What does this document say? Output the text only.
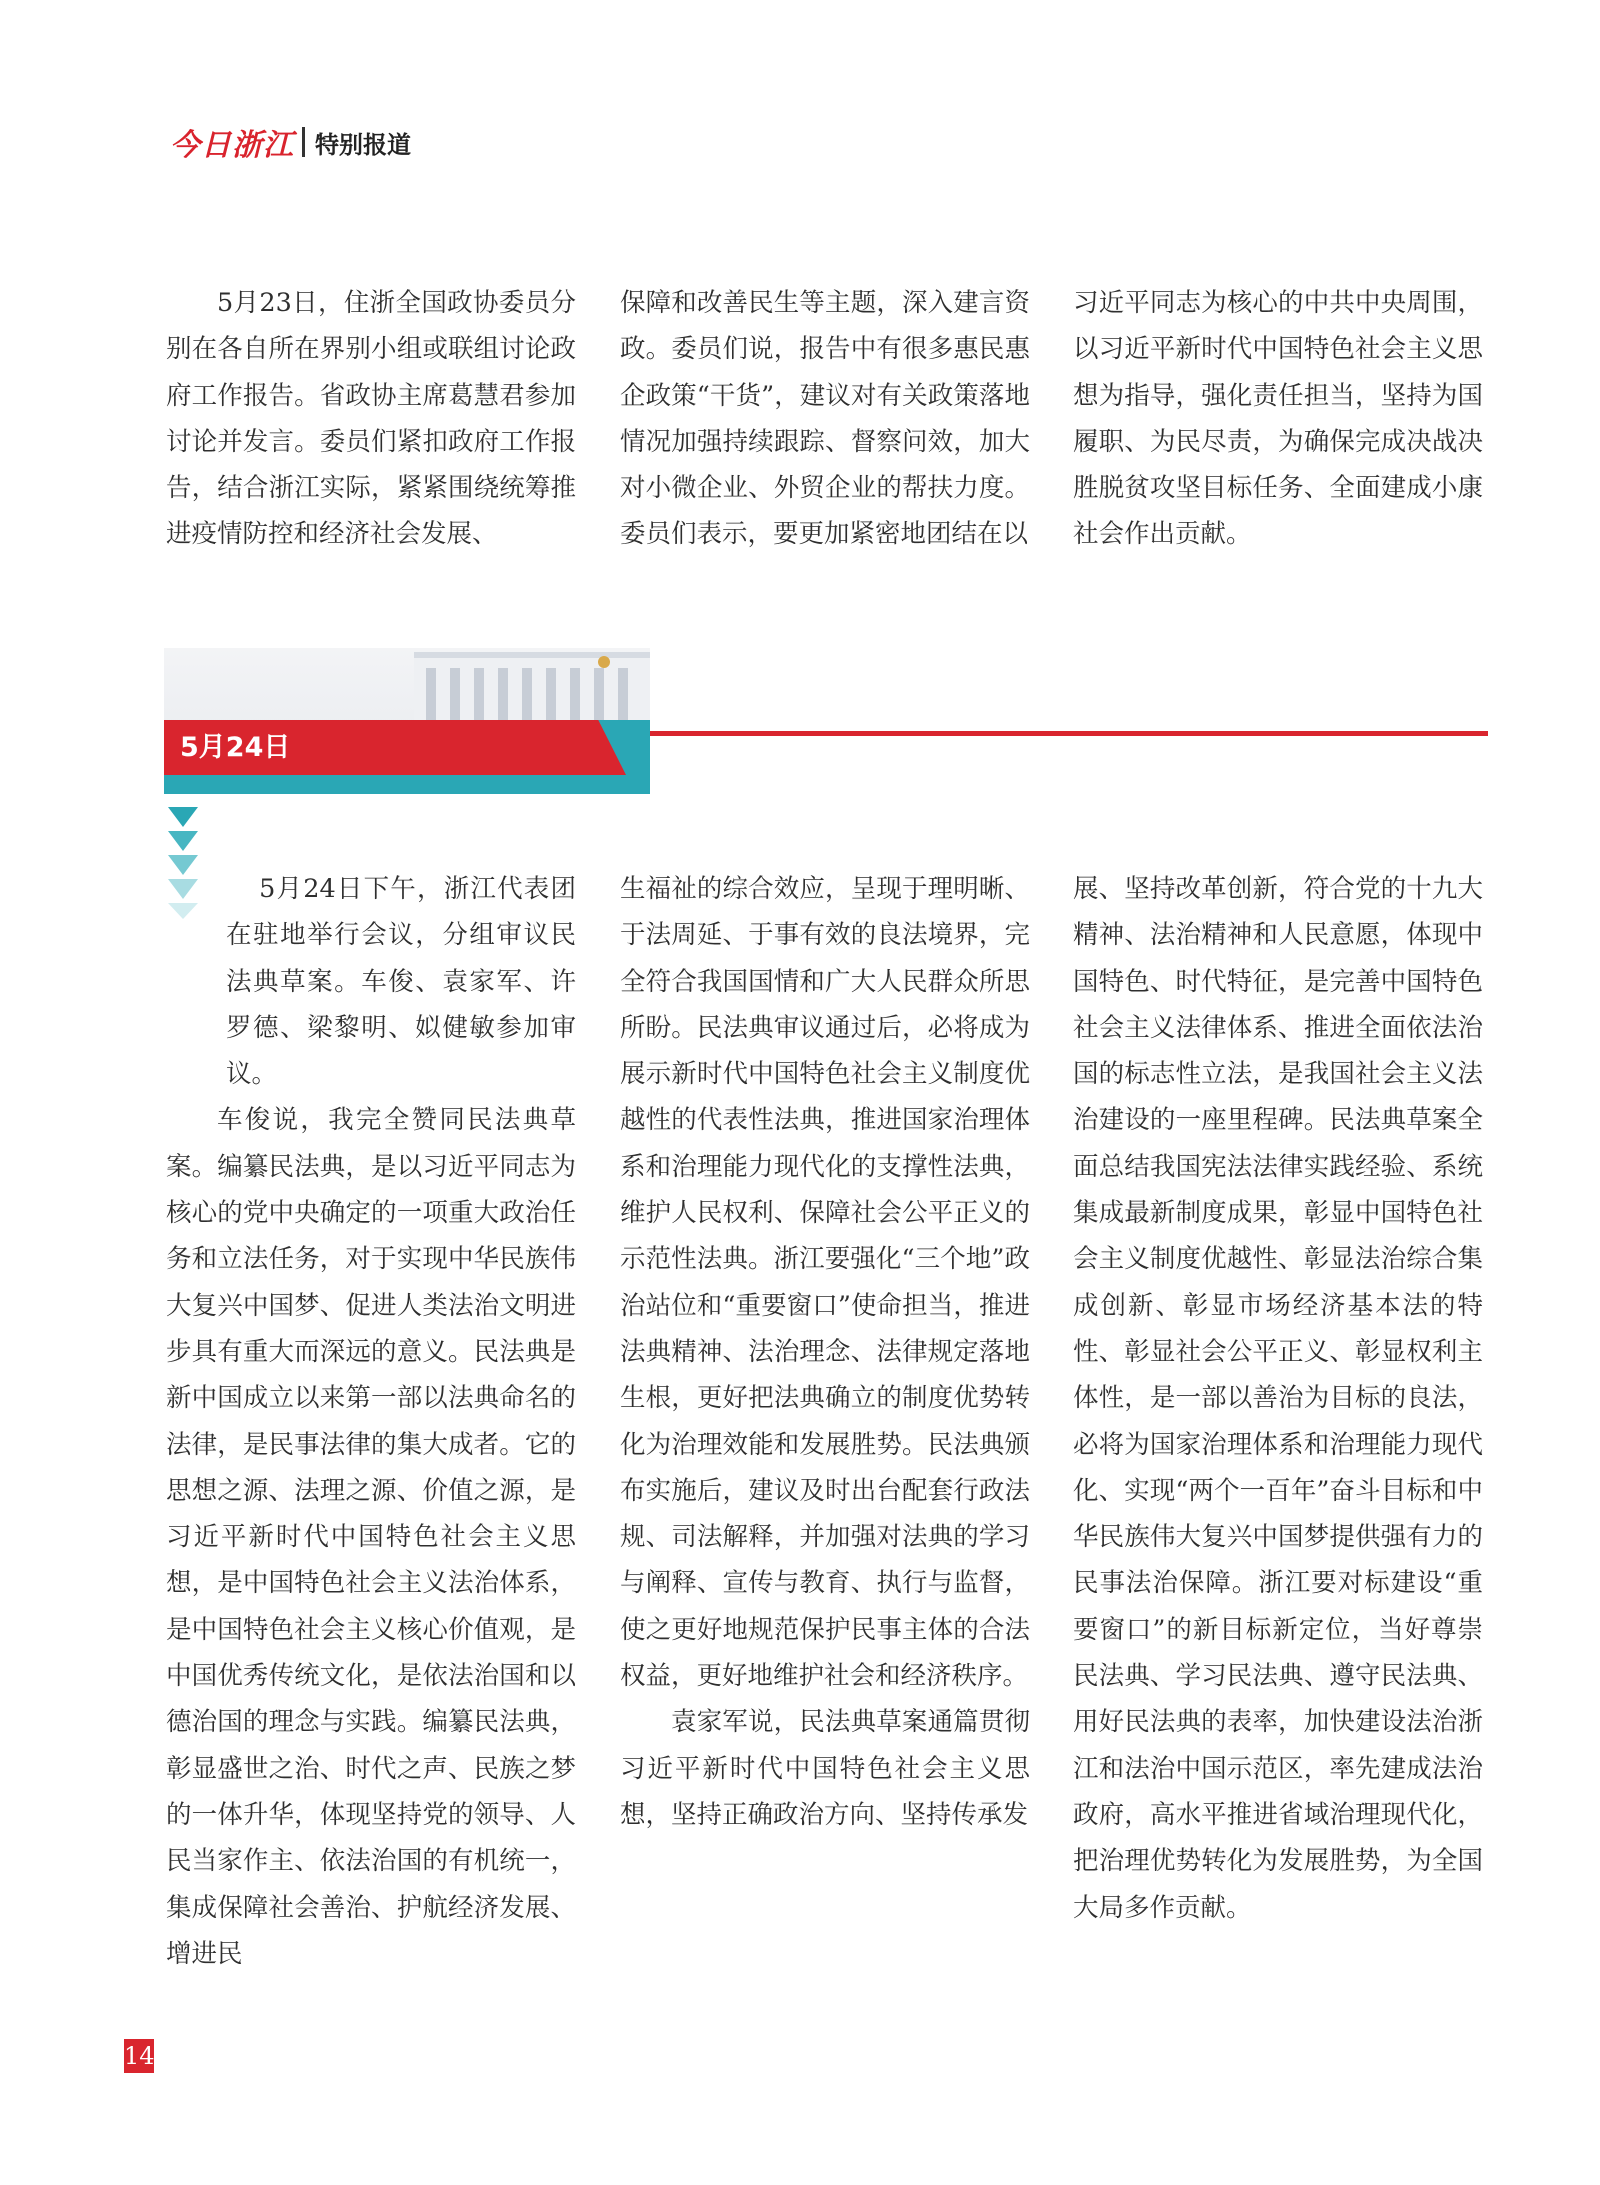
今日浙江 特别报道

5月23日，住浙全国政协委员分别在各自所在界别小组或联组讨论政府工作报告。省政协主席葛慧君参加讨论并发言。委员们紧扣政府工作报告，结合浙江实际，紧紧围绕统筹推进疫情防控和经济社会发展、

保障和改善民生等主题，深入建言资政。委员们说，报告中有很多惠民惠企政策“干货”，建议对有关政策落地情况加强持续跟踪、督察问效，加大对小微企业、外贸企业的帮扶力度。委员们表示，要更加紧密地团结在以

习近平同志为核心的中共中央周围，以习近平新时代中国特色社会主义思想为指导，强化责任担当，坚持为国履职、为民尽责，为确保完成决战决胜脱贫攻坚目标任务、全面建成小康社会作出贡献。

5月24日

5月24日下午，浙江代表团在驻地举行会议，分组审议民法典草案。车俊、袁家军、许罗德、梁黎明、姒健敏参加审议。

车俊说，我完全赞同民法典草案。编纂民法典，是以习近平同志为核心的党中央确定的一项重大政治任务和立法任务，对于实现中华民族伟大复兴中国梦、促进人类法治文明进步具有重大而深远的意义。民法典是新中国成立以来第一部以法典命名的法律，是民事法律的集大成者。它的思想之源、法理之源、价值之源，是习近平新时代中国特色社会主义思想，是中国特色社会主义法治体系，是中国特色社会主义核心价值观，是中国优秀传统文化，是依法治国和以德治国的理念与实践。编纂民法典，彰显盛世之治、时代之声、民族之梦的一体升华，体现坚持党的领导、人民当家作主、依法治国的有机统一，集成保障社会善治、护航经济发展、增进民

生福祉的综合效应，呈现于理明晰、于法周延、于事有效的良法境界，完全符合我国国情和广大人民群众所思所盼。民法典审议通过后，必将成为展示新时代中国特色社会主义制度优越性的代表性法典，推进国家治理体系和治理能力现代化的支撑性法典，维护人民权利、保障社会公平正义的示范性法典。浙江要强化“三个地”政治站位和“重要窗口”使命担当，推进法典精神、法治理念、法律规定落地生根，更好把法典确立的制度优势转化为治理效能和发展胜势。民法典颁布实施后，建议及时出台配套行政法规、司法解释，并加强对法典的学习与阐释、宣传与教育、执行与监督，使之更好地规范保护民事主体的合法权益，更好地维护社会和经济秩序。

袁家军说，民法典草案通篇贯彻习近平新时代中国特色社会主义思想，坚持正确政治方向、坚持传承发

展、坚持改革创新，符合党的十九大精神、法治精神和人民意愿，体现中国特色、时代特征，是完善中国特色社会主义法律体系、推进全面依法治国的标志性立法，是我国社会主义法治建设的一座里程碑。民法典草案全面总结我国宪法法律实践经验、系统集成最新制度成果，彰显中国特色社会主义制度优越性、彰显法治综合集成创新、彰显市场经济基本法的特性、彰显社会公平正义、彰显权利主体性，是一部以善治为目标的良法，必将为国家治理体系和治理能力现代化、实现“两个一百年”奋斗目标和中华民族伟大复兴中国梦提供强有力的民事法治保障。浙江要对标建设“重要窗口”的新目标新定位，当好尊崇民法典、学习民法典、遵守民法典、用好民法典的表率，加快建设法治浙江和法治中国示范区，率先建成法治政府，高水平推进省域治理现代化，把治理优势转化为发展胜势，为全国大局多作贡献。

14
